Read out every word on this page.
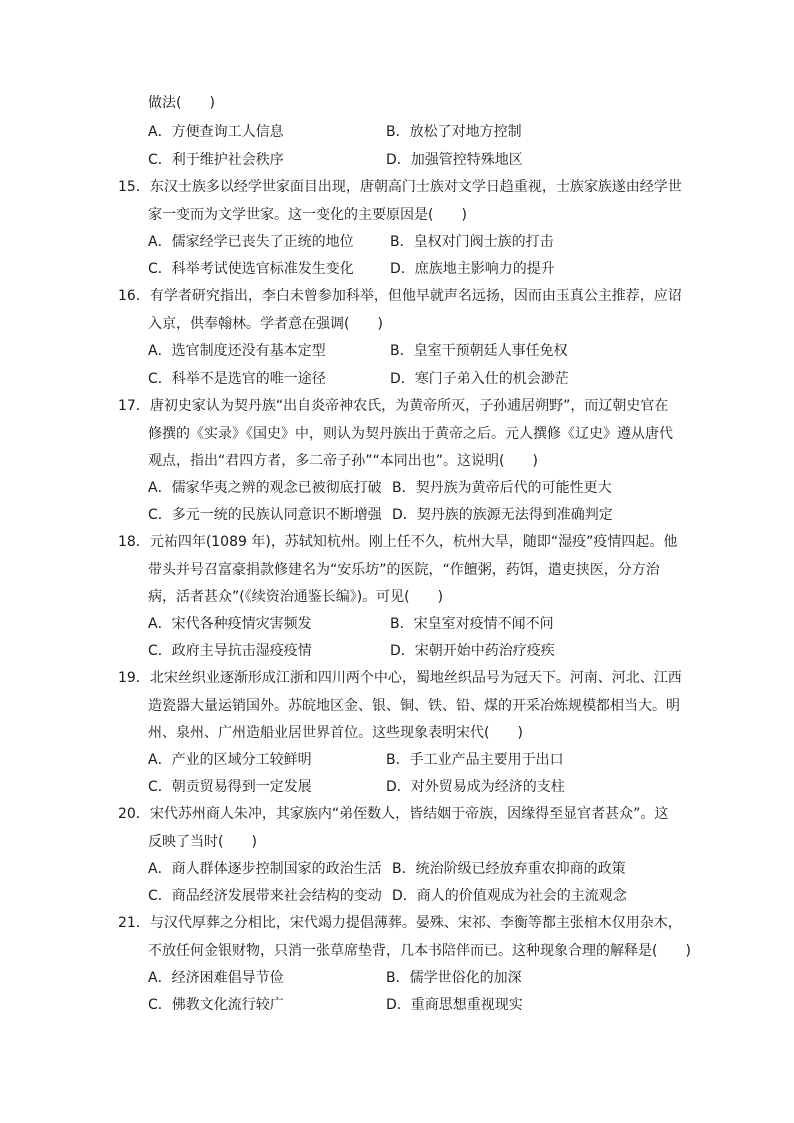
做法(　　)
A．方便查询工人信息	B．放松了对地方控制
C．利于维护社会秩序	D．加强管控特殊地区
15．东汉士族多以经学世家面目出现，唐朝高门士族对文学日趋重视，士族家族遂由经学世
家一变而为文学世家。这一变化的主要原因是(　　)
A．儒家经学已丧失了正统的地位	B．皇权对门阀士族的打击
C．科举考试使选官标准发生变化	D．庶族地主影响力的提升
16．有学者研究指出，李白未曾参加科举，但他早就声名远扬，因而由玉真公主推荐，应诏
入京，供奉翰林。学者意在强调(　　)
A．选官制度还没有基本定型	B．皇室干预朝廷人事任免权
C．科举不是选官的唯一途径	D．寒门子弟入仕的机会渺茫
17．唐初史家认为契丹族“出自炎帝神农氏，为黄帝所灭，子孙逋居朔野”，而辽朝史官在
修撰的《实录》《国史》中，则认为契丹族出于黄帝之后。元人撰修《辽史》遵从唐代
观点，指出“君四方者，多二帝子孙”“本同出也”。这说明(　　)
A．儒家华夷之辨的观念已被彻底打破 B．契丹族为黄帝后代的可能性更大
C．多元一统的民族认同意识不断增强 D．契丹族的族源无法得到准确判定
18．元祐四年(1089 年)，苏轼知杭州。刚上任不久，杭州大旱，随即“湿疫”疫情四起。他
带头并号召富豪捐款修建名为“安乐坊”的医院，“作饘粥，药饵，遣吏挟医，分方治
病，活者甚众”(《续资治通鉴长编》)。可见(　　)
A．宋代各种疫情灾害频发	B．宋皇室对疫情不闻不问
C．政府主导抗击湿疫疫情	D．宋朝开始中药治疗疫疾
19．北宋丝织业逐渐形成江浙和四川两个中心，蜀地丝织品号为冠天下。河南、河北、江西
造瓷器大量运销国外。苏皖地区金、银、铜、铁、铅、煤的开采冶炼规模都相当大。明
州、泉州、广州造船业居世界首位。这些现象表明宋代(　　)
A．产业的区域分工较鲜明	B．手工业产品主要用于出口
C．朝贡贸易得到一定发展	D．对外贸易成为经济的支柱
20．宋代苏州商人朱冲，其家族内“弟侄数人，皆结姻于帝族，因缘得至显官者甚众”。这
反映了当时(　　)
A．商人群体逐步控制国家的政治生活 B．统治阶级已经放弃重农抑商的政策
C．商品经济发展带来社会结构的变动 D．商人的价值观成为社会的主流观念
21．与汉代厚葬之分相比，宋代竭力提倡薄葬。晏殊、宋祁、李衡等都主张棺木仅用杂木，
不放任何金银财物，只消一张草席垫背，几本书陪伴而已。这种现象合理的解释是(　　)
A．经济困难倡导节俭	B．儒学世俗化的加深
C．佛教文化流行较广	D．重商思想重视现实
